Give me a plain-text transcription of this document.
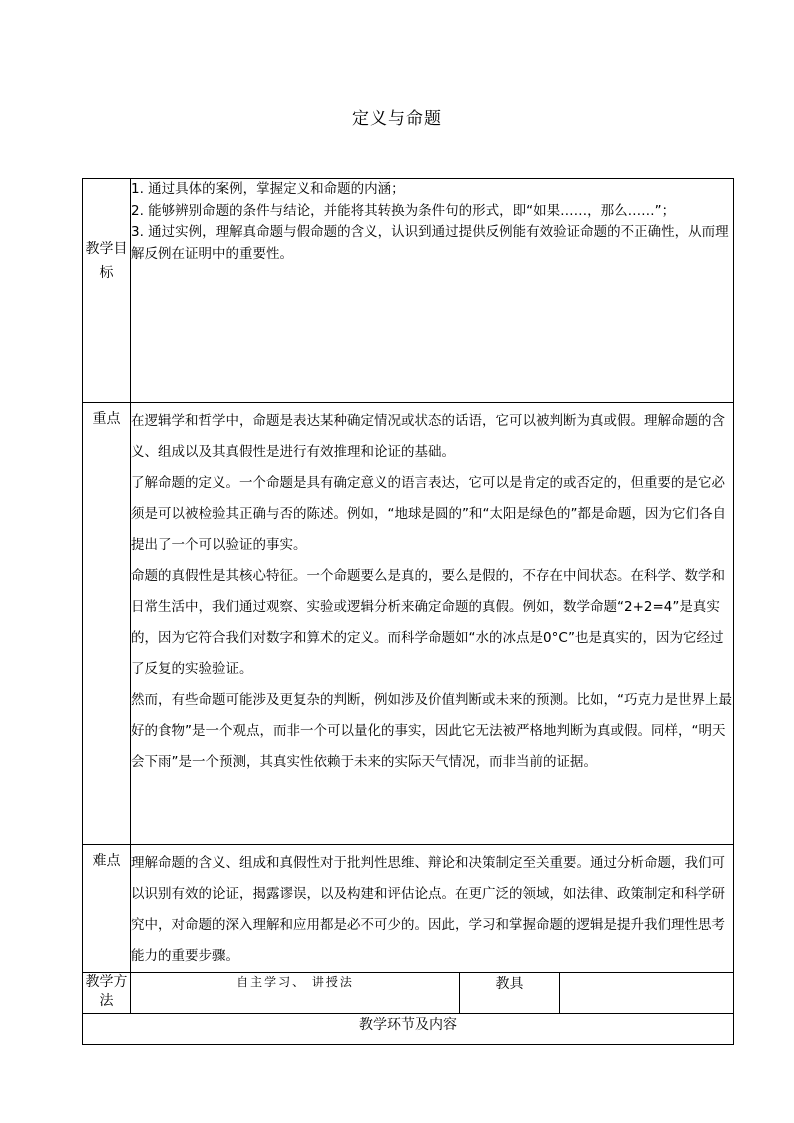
定义与命题
教学目标	1. 通过具体的案例，掌握定义和命题的内涵；

2. 能够辨别命题的条件与结论，并能将其转换为条件句的形式，即“如果……，那么……”；

3. 通过实例，理解真命题与假命题的含义，认识到通过提供反例能有效验证命题的不正确性，从而理解反例在证明中的重要性。		

重点	在逻辑学和哲学中，命题是表达某种确定情况或状态的话语，它可以被判断为真或假。理解命题的含义、组成以及其真假性是进行有效推理和论证的基础。

了解命题的定义。一个命题是具有确定意义的语言表达，它可以是肯定的或否定的，但重要的是它必须是可以被检验其正确与否的陈述。例如，“地球是圆的”和“太阳是绿色的”都是命题，因为它们各自提出了一个可以验证的事实。

命题的真假性是其核心特征。一个命题要么是真的，要么是假的，不存在中间状态。在科学、数学和日常生活中，我们通过观察、实验或逻辑分析来确定命题的真假。例如，数学命题“2+2=4”是真实的，因为它符合我们对数字和算术的定义。而科学命题如“水的冰点是0°C”也是真实的，因为它经过了反复的实验验证。

然而，有些命题可能涉及更复杂的判断，例如涉及价值判断或未来的预测。比如，“巧克力是世界上最好的食物”是一个观点，而非一个可以量化的事实，因此它无法被严格地判断为真或假。同样，“明天会下雨”是一个预测，其真实性依赖于未来的实际天气情况，而非当前的证据。		

难点	理解命题的含义、组成和真假性对于批判性思维、辩论和决策制定至关重要。通过分析命题，我们可以识别有效的论证，揭露谬误，以及构建和评估论点。在更广泛的领域，如法律、政策制定和科学研究中，对命题的深入理解和应用都是必不可少的。因此，学习和掌握命题的逻辑是提升我们理性思考能力的重要步骤。		

教学方法	自主学习、 讲授法	教具	
教学环节及内容			
